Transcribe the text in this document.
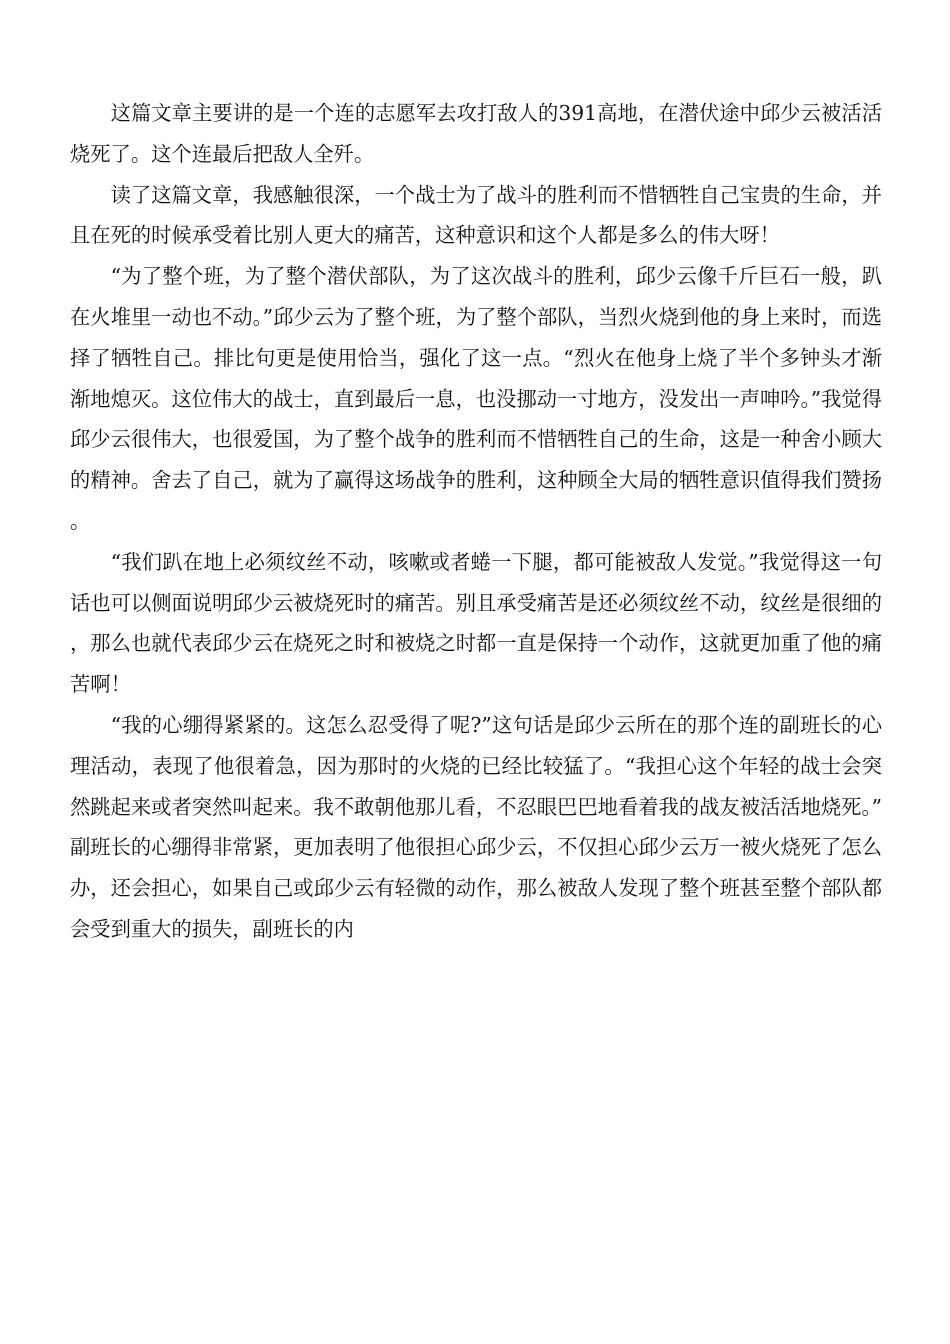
这篇文章主要讲的是一个连的志愿军去攻打敌人的391高地，在潜伏途中邱少云被活活烧死了。这个连最后把敌人全歼。

读了这篇文章，我感触很深，一个战士为了战斗的胜利而不惜牺牲自己宝贵的生命，并且在死的时候承受着比别人更大的痛苦，这种意识和这个人都是多么的伟大呀！

“为了整个班，为了整个潜伏部队，为了这次战斗的胜利，邱少云像千斤巨石一般，趴在火堆里一动也不动。”邱少云为了整个班，为了整个部队，当烈火烧到他的身上来时，而选择了牺牲自己。排比句更是使用恰当，强化了这一点。“烈火在他身上烧了半个多钟头才渐渐地熄灭。这位伟大的战士，直到最后一息，也没挪动一寸地方，没发出一声呻吟。”我觉得邱少云很伟大，也很爱国，为了整个战争的胜利而不惜牺牲自己的生命，这是一种舍小顾大的精神。舍去了自己，就为了赢得这场战争的胜利，这种顾全大局的牺牲意识值得我们赞扬。

“我们趴在地上必须纹丝不动，咳嗽或者蜷一下腿，都可能被敌人发觉。”我觉得这一句话也可以侧面说明邱少云被烧死时的痛苦。别且承受痛苦是还必须纹丝不动，纹丝是很细的，那么也就代表邱少云在烧死之时和被烧之时都一直是保持一个动作，这就更加重了他的痛苦啊！

“我的心绷得紧紧的。这怎么忍受得了呢?”这句话是邱少云所在的那个连的副班长的心理活动，表现了他很着急，因为那时的火烧的已经比较猛了。“我担心这个年轻的战士会突然跳起来或者突然叫起来。我不敢朝他那儿看，不忍眼巴巴地看着我的战友被活活地烧死。”副班长的心绷得非常紧，更加表明了他很担心邱少云，不仅担心邱少云万一被火烧死了怎么办，还会担心，如果自己或邱少云有轻微的动作，那么被敌人发现了整个班甚至整个部队都会受到重大的损失，副班长的内
